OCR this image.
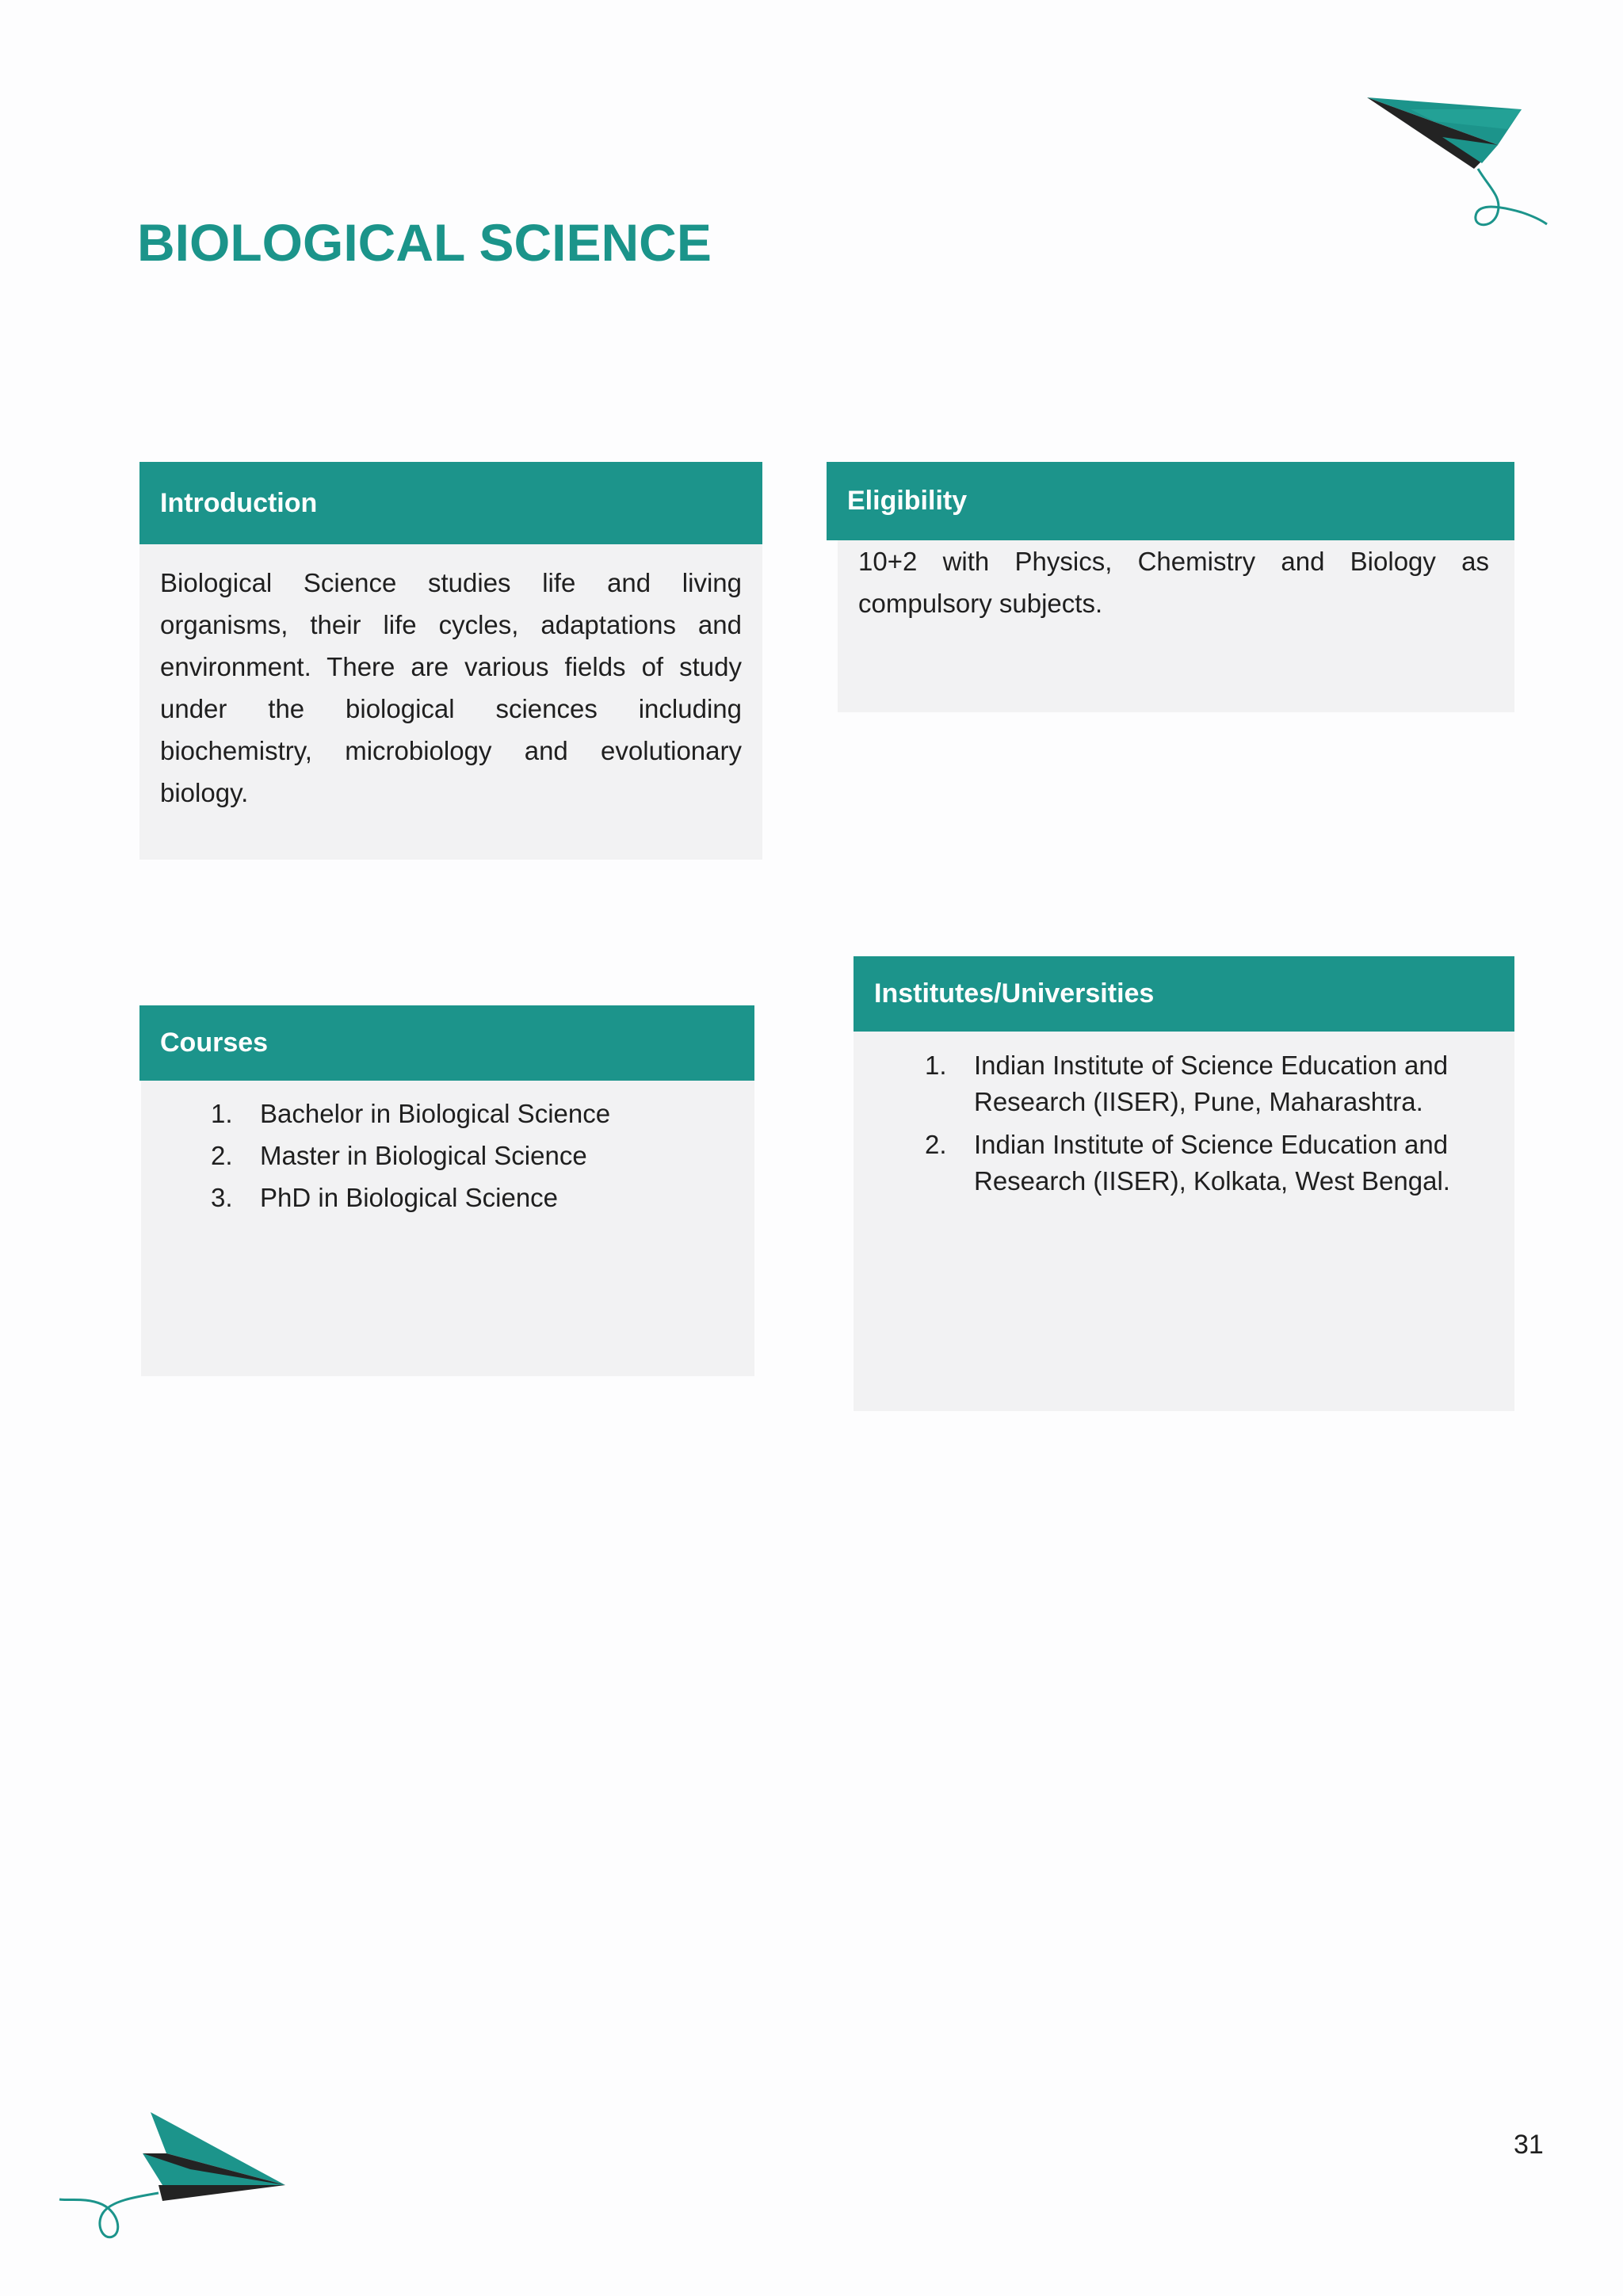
BIOLOGICAL SCIENCE
Introduction
Biological Science studies life and living organisms, their life cycles, adaptations and environment. There are various fields of study under the biological sciences including biochemistry, microbiology and evolutionary biology.
Eligibility
10+2 with Physics, Chemistry and Biology as compulsory subjects.
Courses
1. Bachelor in Biological Science
2. Master in Biological Science
3. PhD in Biological Science
Institutes/Universities
1. Indian Institute of Science Education and Research (IISER), Pune, Maharashtra.
2. Indian Institute of Science Education and Research (IISER), Kolkata, West Bengal.
31
